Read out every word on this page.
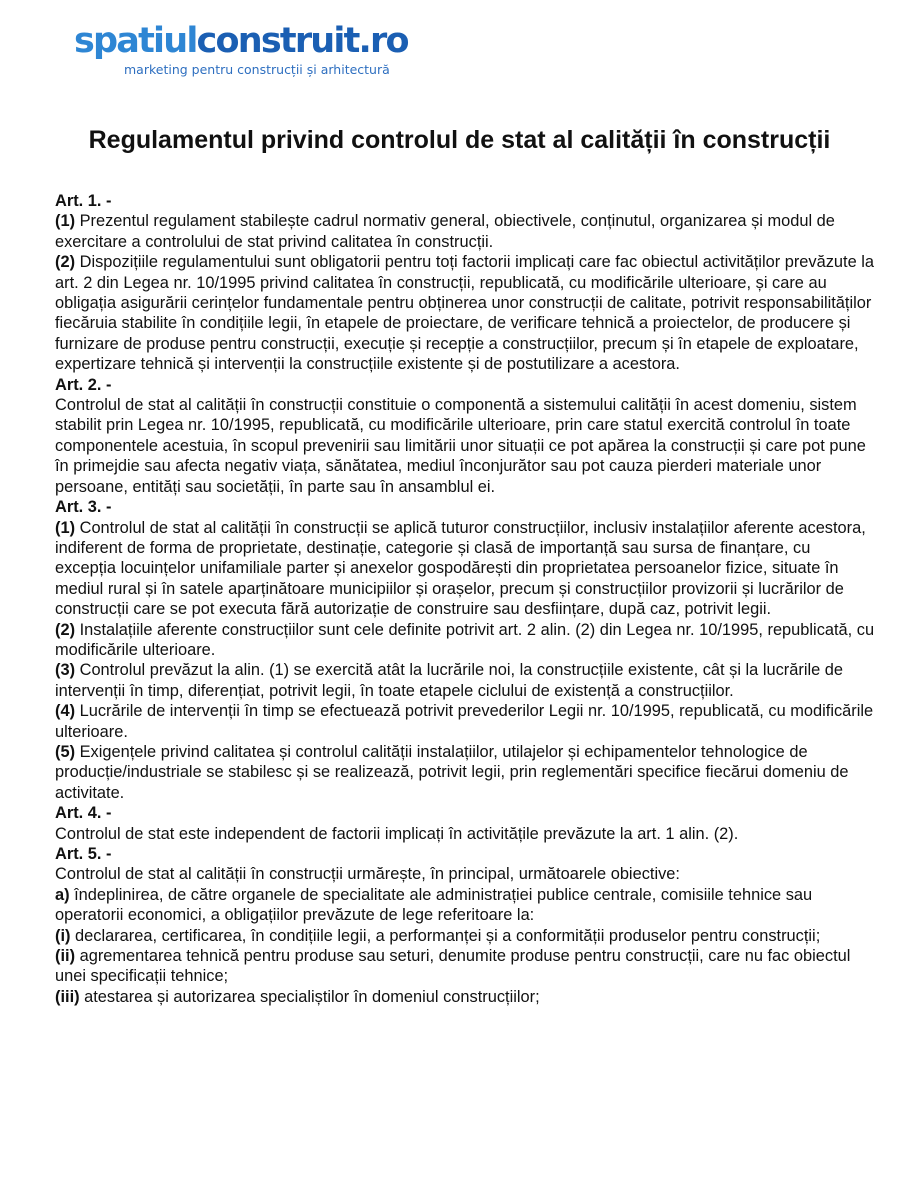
spatiulconstruit.ro
marketing pentru construcții și arhitectură
Regulamentul privind controlul de stat al calității în construcții

Art. 1. -

(1) Prezentul regulament stabilește cadrul normativ general, obiectivele, conținutul, organizarea și modul de exercitare a controlului de stat privind calitatea în construcții.

(2) Dispozițiile regulamentului sunt obligatorii pentru toți factorii implicați care fac obiectul activităților prevăzute la art. 2 din Legea nr. 10/1995 privind calitatea în construcții, republicată, cu modificările ulterioare, și care au obligația asigurării cerințelor fundamentale pentru obținerea unor construcții de calitate, potrivit responsabilităților fiecăruia stabilite în condițiile legii, în etapele de proiectare, de verificare tehnică a proiectelor, de producere și furnizare de produse pentru construcții, execuție și recepție a construcțiilor, precum și în etapele de exploatare, expertizare tehnică și intervenții la construcțiile existente și de postutilizare a acestora.

Art. 2. -

Controlul de stat al calității în construcții constituie o componentă a sistemului calității în acest domeniu, sistem stabilit prin Legea nr. 10/1995, republicată, cu modificările ulterioare, prin care statul exercită controlul în toate componentele acestuia, în scopul prevenirii sau limitării unor situații ce pot apărea la construcții și care pot pune în primejdie sau afecta negativ viața, sănătatea, mediul înconjurător sau pot cauza pierderi materiale unor persoane, entități sau societății, în parte sau în ansamblul ei.

Art. 3. -

(1) Controlul de stat al calității în construcții se aplică tuturor construcțiilor, inclusiv instalațiilor aferente acestora, indiferent de forma de proprietate, destinație, categorie și clasă de importanță sau sursa de finanțare, cu excepția locuințelor unifamiliale parter și anexelor gospodărești din proprietatea persoanelor fizice, situate în mediul rural și în satele aparținătoare municipiilor și orașelor, precum și construcțiilor provizorii și lucrărilor de construcții care se pot executa fără autorizație de construire sau desființare, după caz, potrivit legii.

(2) Instalațiile aferente construcțiilor sunt cele definite potrivit art. 2 alin. (2) din Legea nr. 10/1995, republicată, cu modificările ulterioare.

(3) Controlul prevăzut la alin. (1) se exercită atât la lucrările noi, la construcțiile existente, cât și la lucrările de intervenții în timp, diferențiat, potrivit legii, în toate etapele ciclului de existență a construcțiilor.

(4) Lucrările de intervenții în timp se efectuează potrivit prevederilor Legii nr. 10/1995, republicată, cu modificările ulterioare.

(5) Exigențele privind calitatea și controlul calității instalațiilor, utilajelor și echipamentelor tehnologice de producție/industriale se stabilesc și se realizează, potrivit legii, prin reglementări specifice fiecărui domeniu de activitate.

Art. 4. -

Controlul de stat este independent de factorii implicați în activitățile prevăzute la art. 1 alin. (2).

Art. 5. -

Controlul de stat al calității în construcții urmărește, în principal, următoarele obiective:

a) îndeplinirea, de către organele de specialitate ale administrației publice centrale, comisiile tehnice sau operatorii economici, a obligațiilor prevăzute de lege referitoare la:

(i) declararea, certificarea, în condițiile legii, a performanței și a conformității produselor pentru construcții;

(ii) agrementarea tehnică pentru produse sau seturi, denumite produse pentru construcții, care nu fac obiectul unei specificații tehnice;

(iii) atestarea și autorizarea specialiștilor în domeniul construcțiilor;
